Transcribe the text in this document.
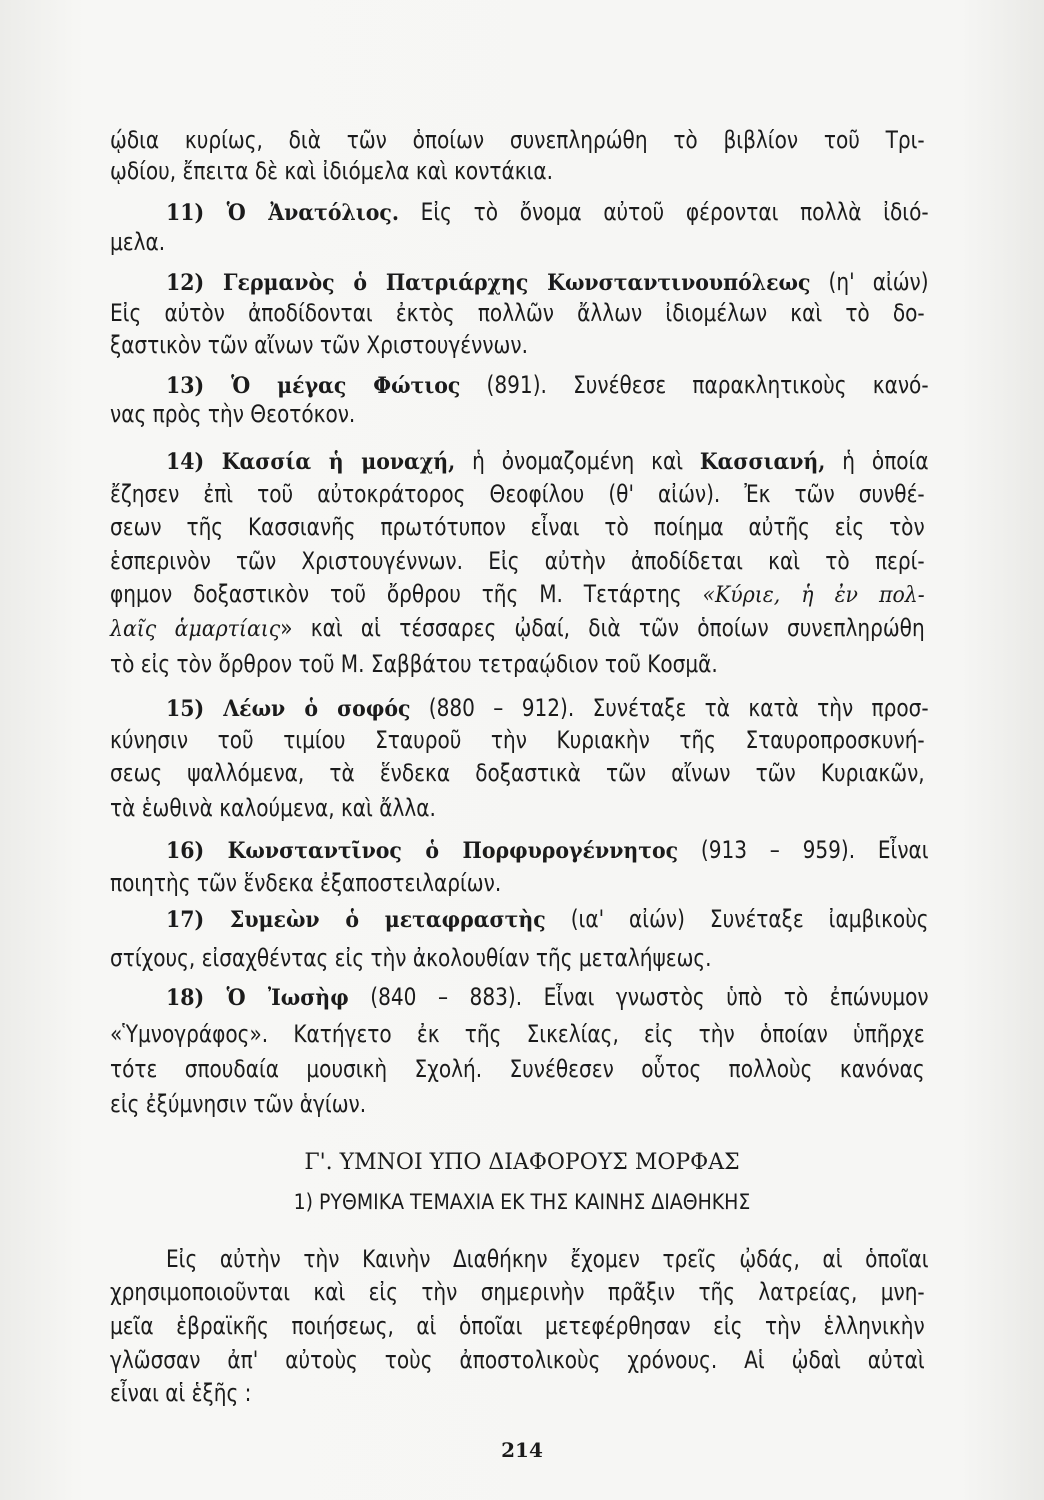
ῴδια κυρίως, διὰ τῶν ὁποίων συνεπληρώθη τὸ βιβλίον τοῦ Τρι-
ῳδίου, ἔπειτα δὲ καὶ ἰδιόμελα καὶ κοντάκια.
11) Ὁ Ἀνατόλιος. Εἰς τὸ ὄνομα αὐτοῦ φέρονται πολλὰ ἰδιό-
μελα.
12) Γερμανὸς ὁ Πατριάρχης Κωνσταντινουπόλεως (η' αἰών)
Εἰς αὐτὸν ἀποδίδονται ἐκτὸς πολλῶν ἄλλων ἰδιομέλων καὶ τὸ δο-
ξαστικὸν τῶν αἴνων τῶν Χριστουγέννων.
13) Ὁ μέγας Φώτιος (891). Συνέθεσε παρακλητικοὺς κανό-
νας πρὸς τὴν Θεοτόκον.
14) Κασσία ἡ μοναχή, ἡ ὀνομαζομένη καὶ Κασσιανή, ἡ ὁποία
ἔζησεν ἐπὶ τοῦ αὐτοκράτορος Θεοφίλου (θ' αἰών). Ἐκ τῶν συνθέ-
σεων τῆς Κασσιανῆς πρωτότυπον εἶναι τὸ ποίημα αὐτῆς εἰς τὸν
ἑσπερινὸν τῶν Χριστουγέννων. Εἰς αὐτὴν ἀποδίδεται καὶ τὸ περί-
φημον δοξαστικὸν τοῦ ὄρθρου τῆς Μ. Τετάρτης «Κύριε, ἡ ἐν πολ-
λαῖς ἁμαρτίαις» καὶ αἱ τέσσαρες ᾠδαί, διὰ τῶν ὁποίων συνεπληρώθη
τὸ εἰς τὸν ὄρθρον τοῦ Μ. Σαββάτου τετραῴδιον τοῦ Κοσμᾶ.
15) Λέων ὁ σοφός (880 – 912). Συνέταξε τὰ κατὰ τὴν προσ-
κύνησιν τοῦ τιμίου Σταυροῦ τὴν Κυριακὴν τῆς Σταυροπροσκυνή-
σεως ψαλλόμενα, τὰ ἕνδεκα δοξαστικὰ τῶν αἴνων τῶν Κυριακῶν,
τὰ ἑωθινὰ καλούμενα, καὶ ἄλλα.
16) Κωνσταντῖνος ὁ Πορφυρογέννητος (913 – 959). Εἶναι
ποιητὴς τῶν ἕνδεκα ἐξαποστειλαρίων.
17) Συμεὼν ὁ μεταφραστὴς (ια' αἰών) Συνέταξε ἰαμβικοὺς
στίχους, εἰσαχθέντας εἰς τὴν ἀκολουθίαν τῆς μεταλήψεως.
18) Ὁ Ἰωσὴφ (840 – 883). Εἶναι γνωστὸς ὑπὸ τὸ ἐπώνυμον
«Ὑμνογράφος». Κατήγετο ἐκ τῆς Σικελίας, εἰς τὴν ὁποίαν ὑπῆρχε
τότε σπουδαία μουσικὴ Σχολή. Συνέθεσεν οὗτος πολλοὺς κανόνας
εἰς ἐξύμνησιν τῶν ἁγίων.
Εἰς αὐτὴν τὴν Καινὴν Διαθήκην ἔχομεν τρεῖς ᾠδάς, αἱ ὁποῖαι
χρησιμοποιοῦνται καὶ εἰς τὴν σημερινὴν πρᾶξιν τῆς λατρείας, μνη-
μεῖα ἑβραϊκῆς ποιήσεως, αἱ ὁποῖαι μετεφέρθησαν εἰς τὴν ἑλληνικὴν
γλῶσσαν ἀπ' αὐτοὺς τοὺς ἀποστολικοὺς χρόνους. Αἱ ᾠδαὶ αὐταὶ
εἶναι αἱ ἑξῆς :
Γ'. ΥΜΝΟΙ ΥΠΟ ΔΙΑΦΟΡΟΥΣ ΜΟΡΦΑΣ
1) ΡΥΘΜΙΚΑ ΤΕΜΑΧΙΑ ΕΚ ΤΗΣ ΚΑΙΝΗΣ ΔΙΑΘΗΚΗΣ
214
